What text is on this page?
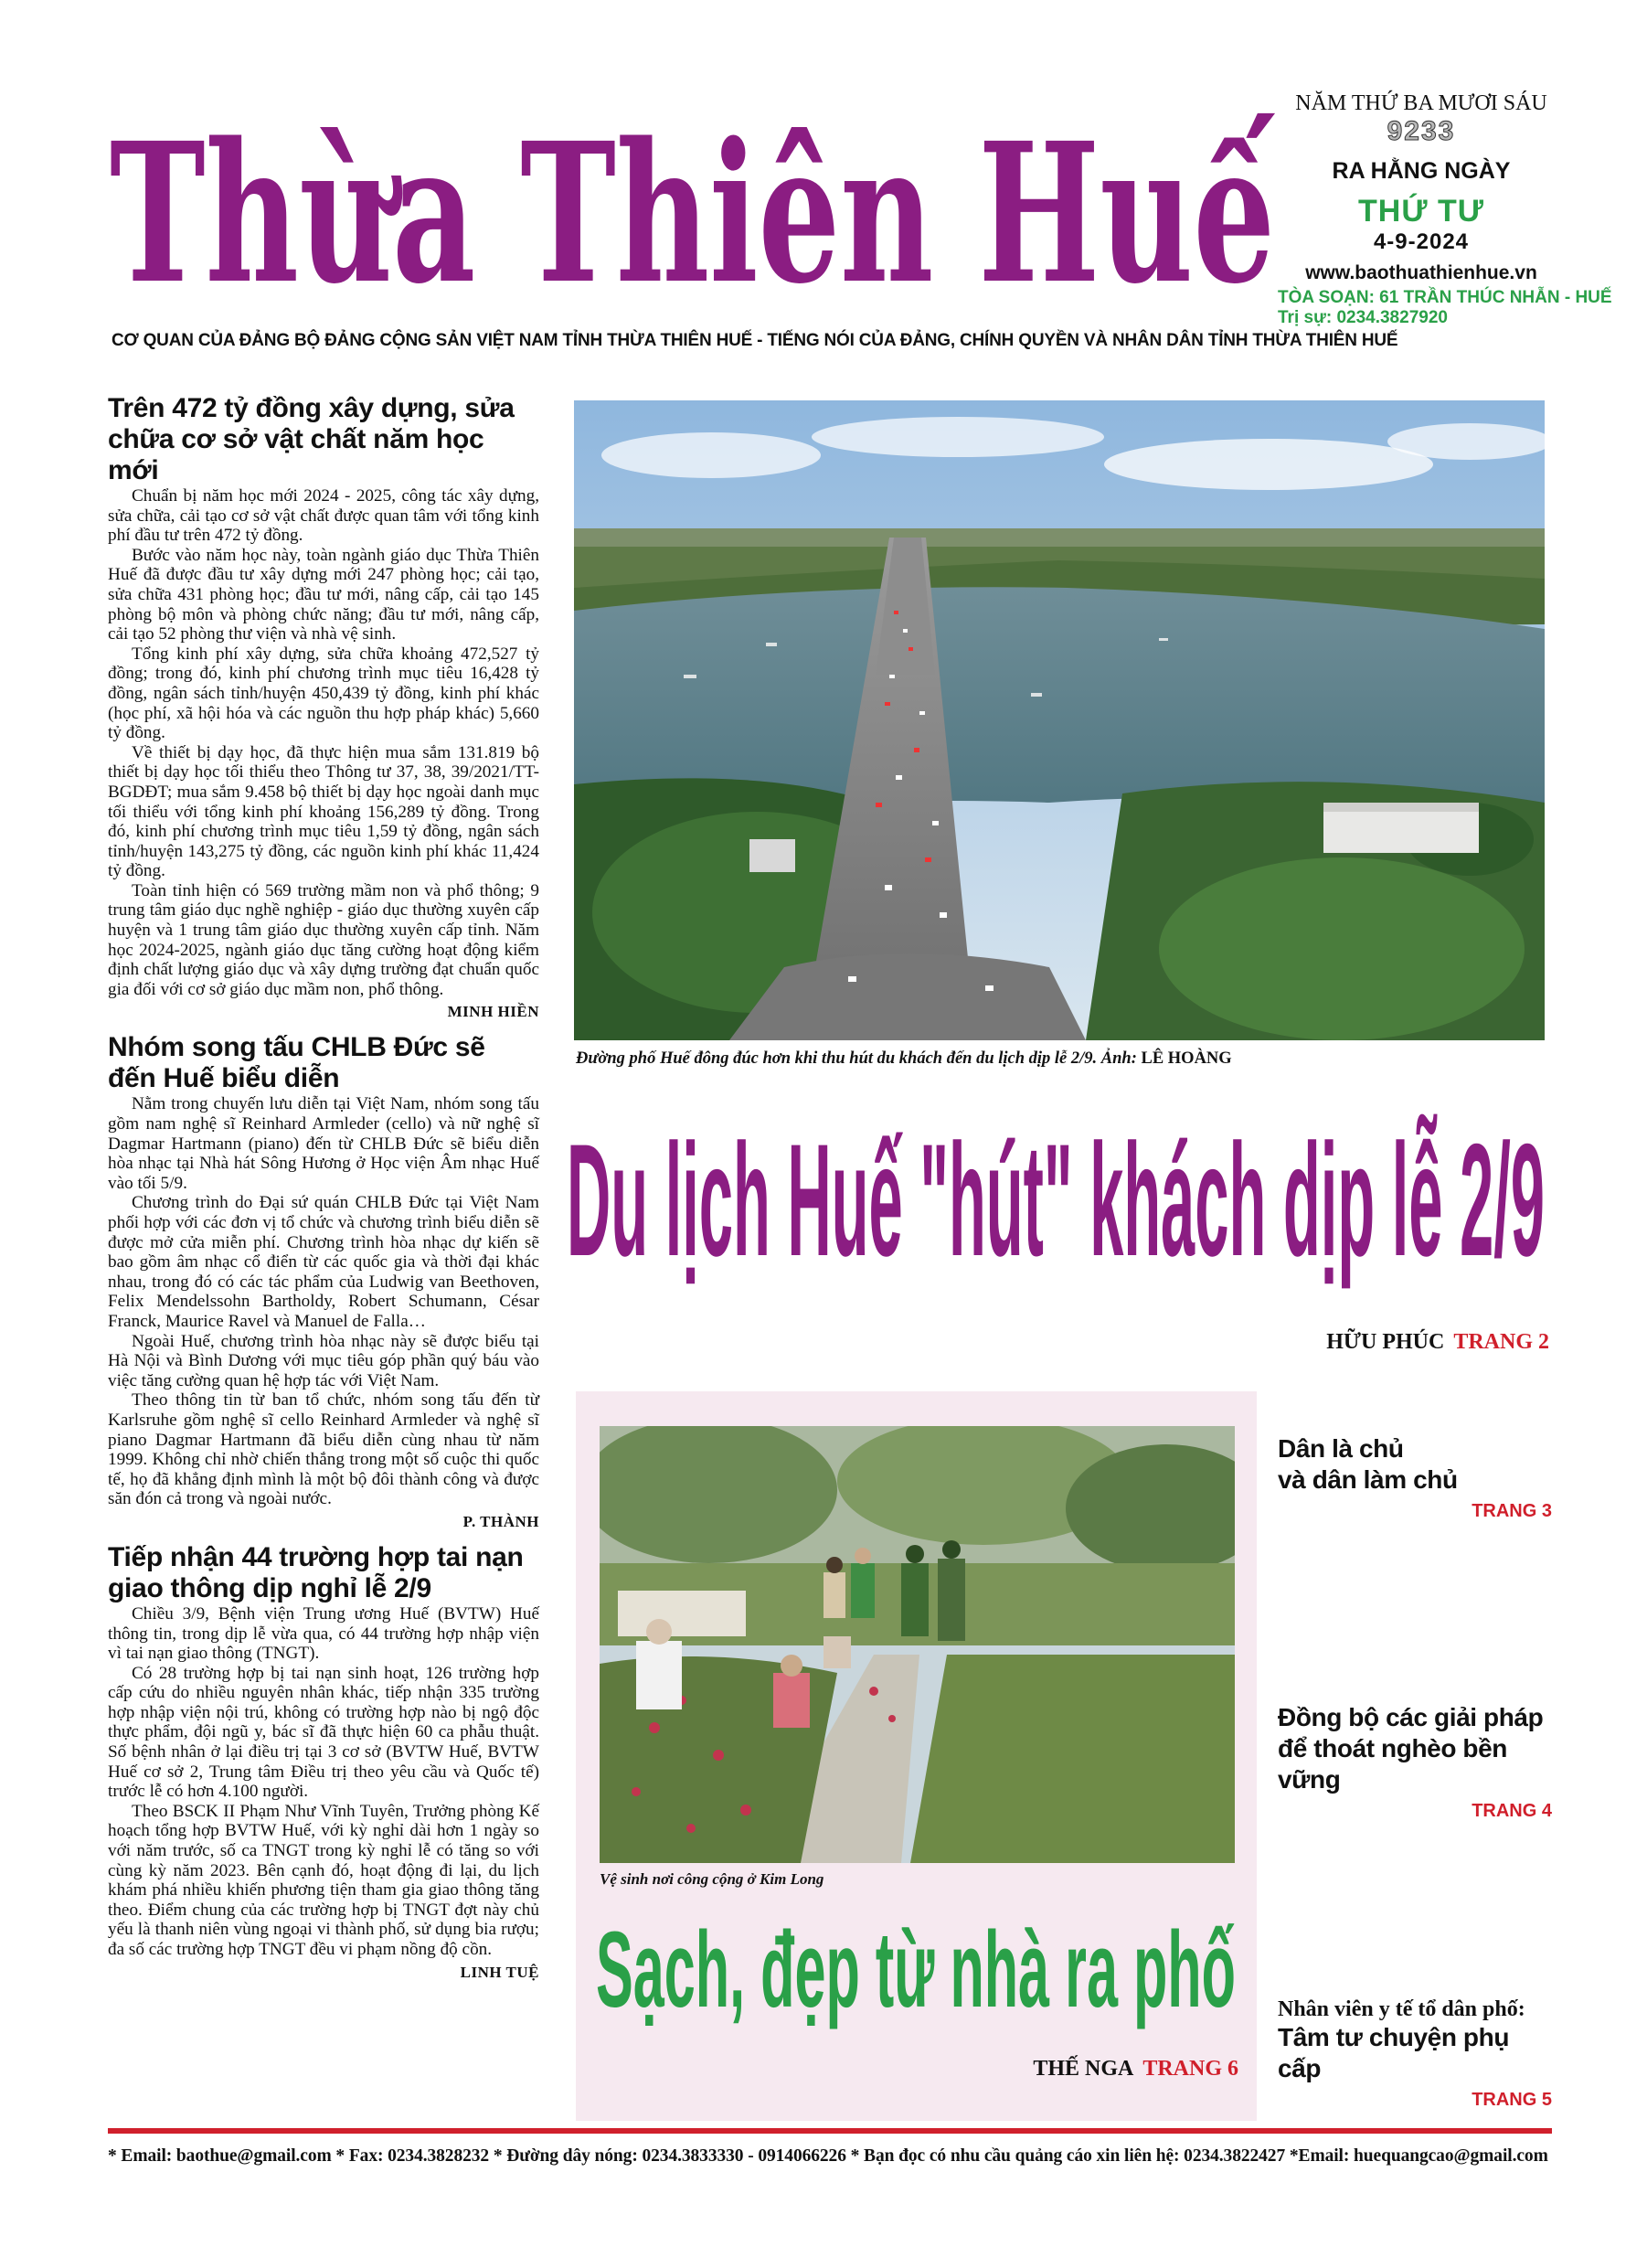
Thừa Thiên Huế
CƠ QUAN CỦA ĐẢNG BỘ ĐẢNG CỘNG SẢN VIỆT NAM TỈNH THỪA THIÊN HUẾ - TIẾNG NÓI CỦA ĐẢNG, CHÍNH QUYỀN VÀ NHÂN DÂN TỈNH THỪA THIÊN HUẾ
NĂM THỨ BA MƯƠI SÁU
9233
RA HẰNG NGÀY
THỨ TƯ
4-9-2024
www.baothuathienhue.vn
TÒA SOẠN: 61 TRẦN THÚC NHẪN - HUẾ
Trị sự: 0234.3827920
Trên 472 tỷ đồng xây dựng, sửa chữa cơ sở vật chất năm học mới

Chuẩn bị năm học mới 2024 - 2025, công tác xây dựng, sửa chữa, cải tạo cơ sở vật chất được quan tâm với tổng kinh phí đầu tư trên 472 tỷ đồng.

Bước vào năm học này, toàn ngành giáo dục Thừa Thiên Huế đã được đầu tư xây dựng mới 247 phòng học; cải tạo, sửa chữa 431 phòng học; đầu tư mới, nâng cấp, cải tạo 145 phòng bộ môn và phòng chức năng; đầu tư mới, nâng cấp, cải tạo 52 phòng thư viện và nhà vệ sinh.

Tổng kinh phí xây dựng, sửa chữa khoảng 472,527 tỷ đồng; trong đó, kinh phí chương trình mục tiêu 16,428 tỷ đồng, ngân sách tỉnh/huyện 450,439 tỷ đồng, kinh phí khác (học phí, xã hội hóa và các nguồn thu hợp pháp khác) 5,660 tỷ đồng.

Về thiết bị dạy học, đã thực hiện mua sắm 131.819 bộ thiết bị dạy học tối thiểu theo Thông tư 37, 38, 39/2021/TT-BGDĐT; mua sắm 9.458 bộ thiết bị dạy học ngoài danh mục tối thiểu với tổng kinh phí khoảng 156,289 tỷ đồng. Trong đó, kinh phí chương trình mục tiêu 1,59 tỷ đồng, ngân sách tỉnh/huyện 143,275 tỷ đồng, các nguồn kinh phí khác 11,424 tỷ đồng.

Toàn tỉnh hiện có 569 trường mầm non và phổ thông; 9 trung tâm giáo dục nghề nghiệp - giáo dục thường xuyên cấp huyện và 1 trung tâm giáo dục thường xuyên cấp tỉnh. Năm học 2024-2025, ngành giáo dục tăng cường hoạt động kiểm định chất lượng giáo dục và xây dựng trường đạt chuẩn quốc gia đối với cơ sở giáo dục mầm non, phổ thông.

MINH HIỀN
Nhóm song tấu CHLB Đức sẽ đến Huế biểu diễn

Nằm trong chuyến lưu diễn tại Việt Nam, nhóm song tấu gồm nam nghệ sĩ Reinhard Armleder (cello) và nữ nghệ sĩ Dagmar Hartmann (piano) đến từ CHLB Đức sẽ biểu diễn hòa nhạc tại Nhà hát Sông Hương ở Học viện Âm nhạc Huế vào tối 5/9.

Chương trình do Đại sứ quán CHLB Đức tại Việt Nam phối hợp với các đơn vị tổ chức và chương trình biểu diễn sẽ được mở cửa miễn phí. Chương trình hòa nhạc dự kiến sẽ bao gồm âm nhạc cổ điển từ các quốc gia và thời đại khác nhau, trong đó có các tác phẩm của Ludwig van Beethoven, Felix Mendelssohn Bartholdy, Robert Schumann, César Franck, Maurice Ravel và Manuel de Falla…

Ngoài Huế, chương trình hòa nhạc này sẽ được biểu tại Hà Nội và Bình Dương với mục tiêu góp phần quý báu vào việc tăng cường quan hệ hợp tác với Việt Nam.

Theo thông tin từ ban tổ chức, nhóm song tấu đến từ Karlsruhe gồm nghệ sĩ cello Reinhard Armleder và nghệ sĩ piano Dagmar Hartmann đã biểu diễn cùng nhau từ năm 1999. Không chỉ nhờ chiến thắng trong một số cuộc thi quốc tế, họ đã khẳng định mình là một bộ đôi thành công và được săn đón cả trong và ngoài nước.

P. THÀNH
Tiếp nhận 44 trường hợp tai nạn giao thông dịp nghỉ lễ 2/9

Chiều 3/9, Bệnh viện Trung ương Huế (BVTW) Huế thông tin, trong dịp lễ vừa qua, có 44 trường hợp nhập viện vì tai nạn giao thông (TNGT).

Có 28 trường hợp bị tai nạn sinh hoạt, 126 trường hợp cấp cứu do nhiều nguyên nhân khác, tiếp nhận 335 trường hợp nhập viện nội trú, không có trường hợp nào bị ngộ độc thực phẩm, đội ngũ y, bác sĩ đã thực hiện 60 ca phẫu thuật. Số bệnh nhân ở lại điều trị tại 3 cơ sở (BVTW Huế, BVTW Huế cơ sở 2, Trung tâm Điều trị theo yêu cầu và Quốc tế) trước lễ có hơn 4.100 người.

Theo BSCK II Phạm Như Vĩnh Tuyên, Trưởng phòng Kế hoạch tổng hợp BVTW Huế, với kỳ nghỉ dài hơn 1 ngày so với năm trước, số ca TNGT trong kỳ nghỉ lễ có tăng so với cùng kỳ năm 2023. Bên cạnh đó, hoạt động đi lại, du lịch khám phá nhiều khiến phương tiện tham gia giao thông tăng theo. Điểm chung của các trường hợp bị TNGT đợt này chủ yếu là thanh niên vùng ngoại vi thành phố, sử dụng bia rượu; đa số các trường hợp TNGT đều vi phạm nồng độ cồn.

LINH TUỆ
Đường phố Huế đông đúc hơn khi thu hút du khách đến du lịch dịp lễ 2/9. Ảnh: LÊ HOÀNG
Du lịch Huế "hút" khách dịp lễ 2/9
HỮU PHÚC TRANG 2
Vệ sinh nơi công cộng ở Kim Long
Sạch, đẹp từ nhà ra phố
THẾ NGA TRANG 6
Dân là chủ
và dân làm chủ
TRANG 3
Đồng bộ các giải pháp
để thoát nghèo bền vững
TRANG 4
Nhân viên y tế tổ dân phố:
Tâm tư chuyện phụ cấp
TRANG 5
* Email: baothue@gmail.com * Fax: 0234.3828232 * Đường dây nóng: 0234.3833330 - 0914066226 * Bạn đọc có nhu cầu quảng cáo xin liên hệ: 0234.3822427 *Email: huequangcao@gmail.com
